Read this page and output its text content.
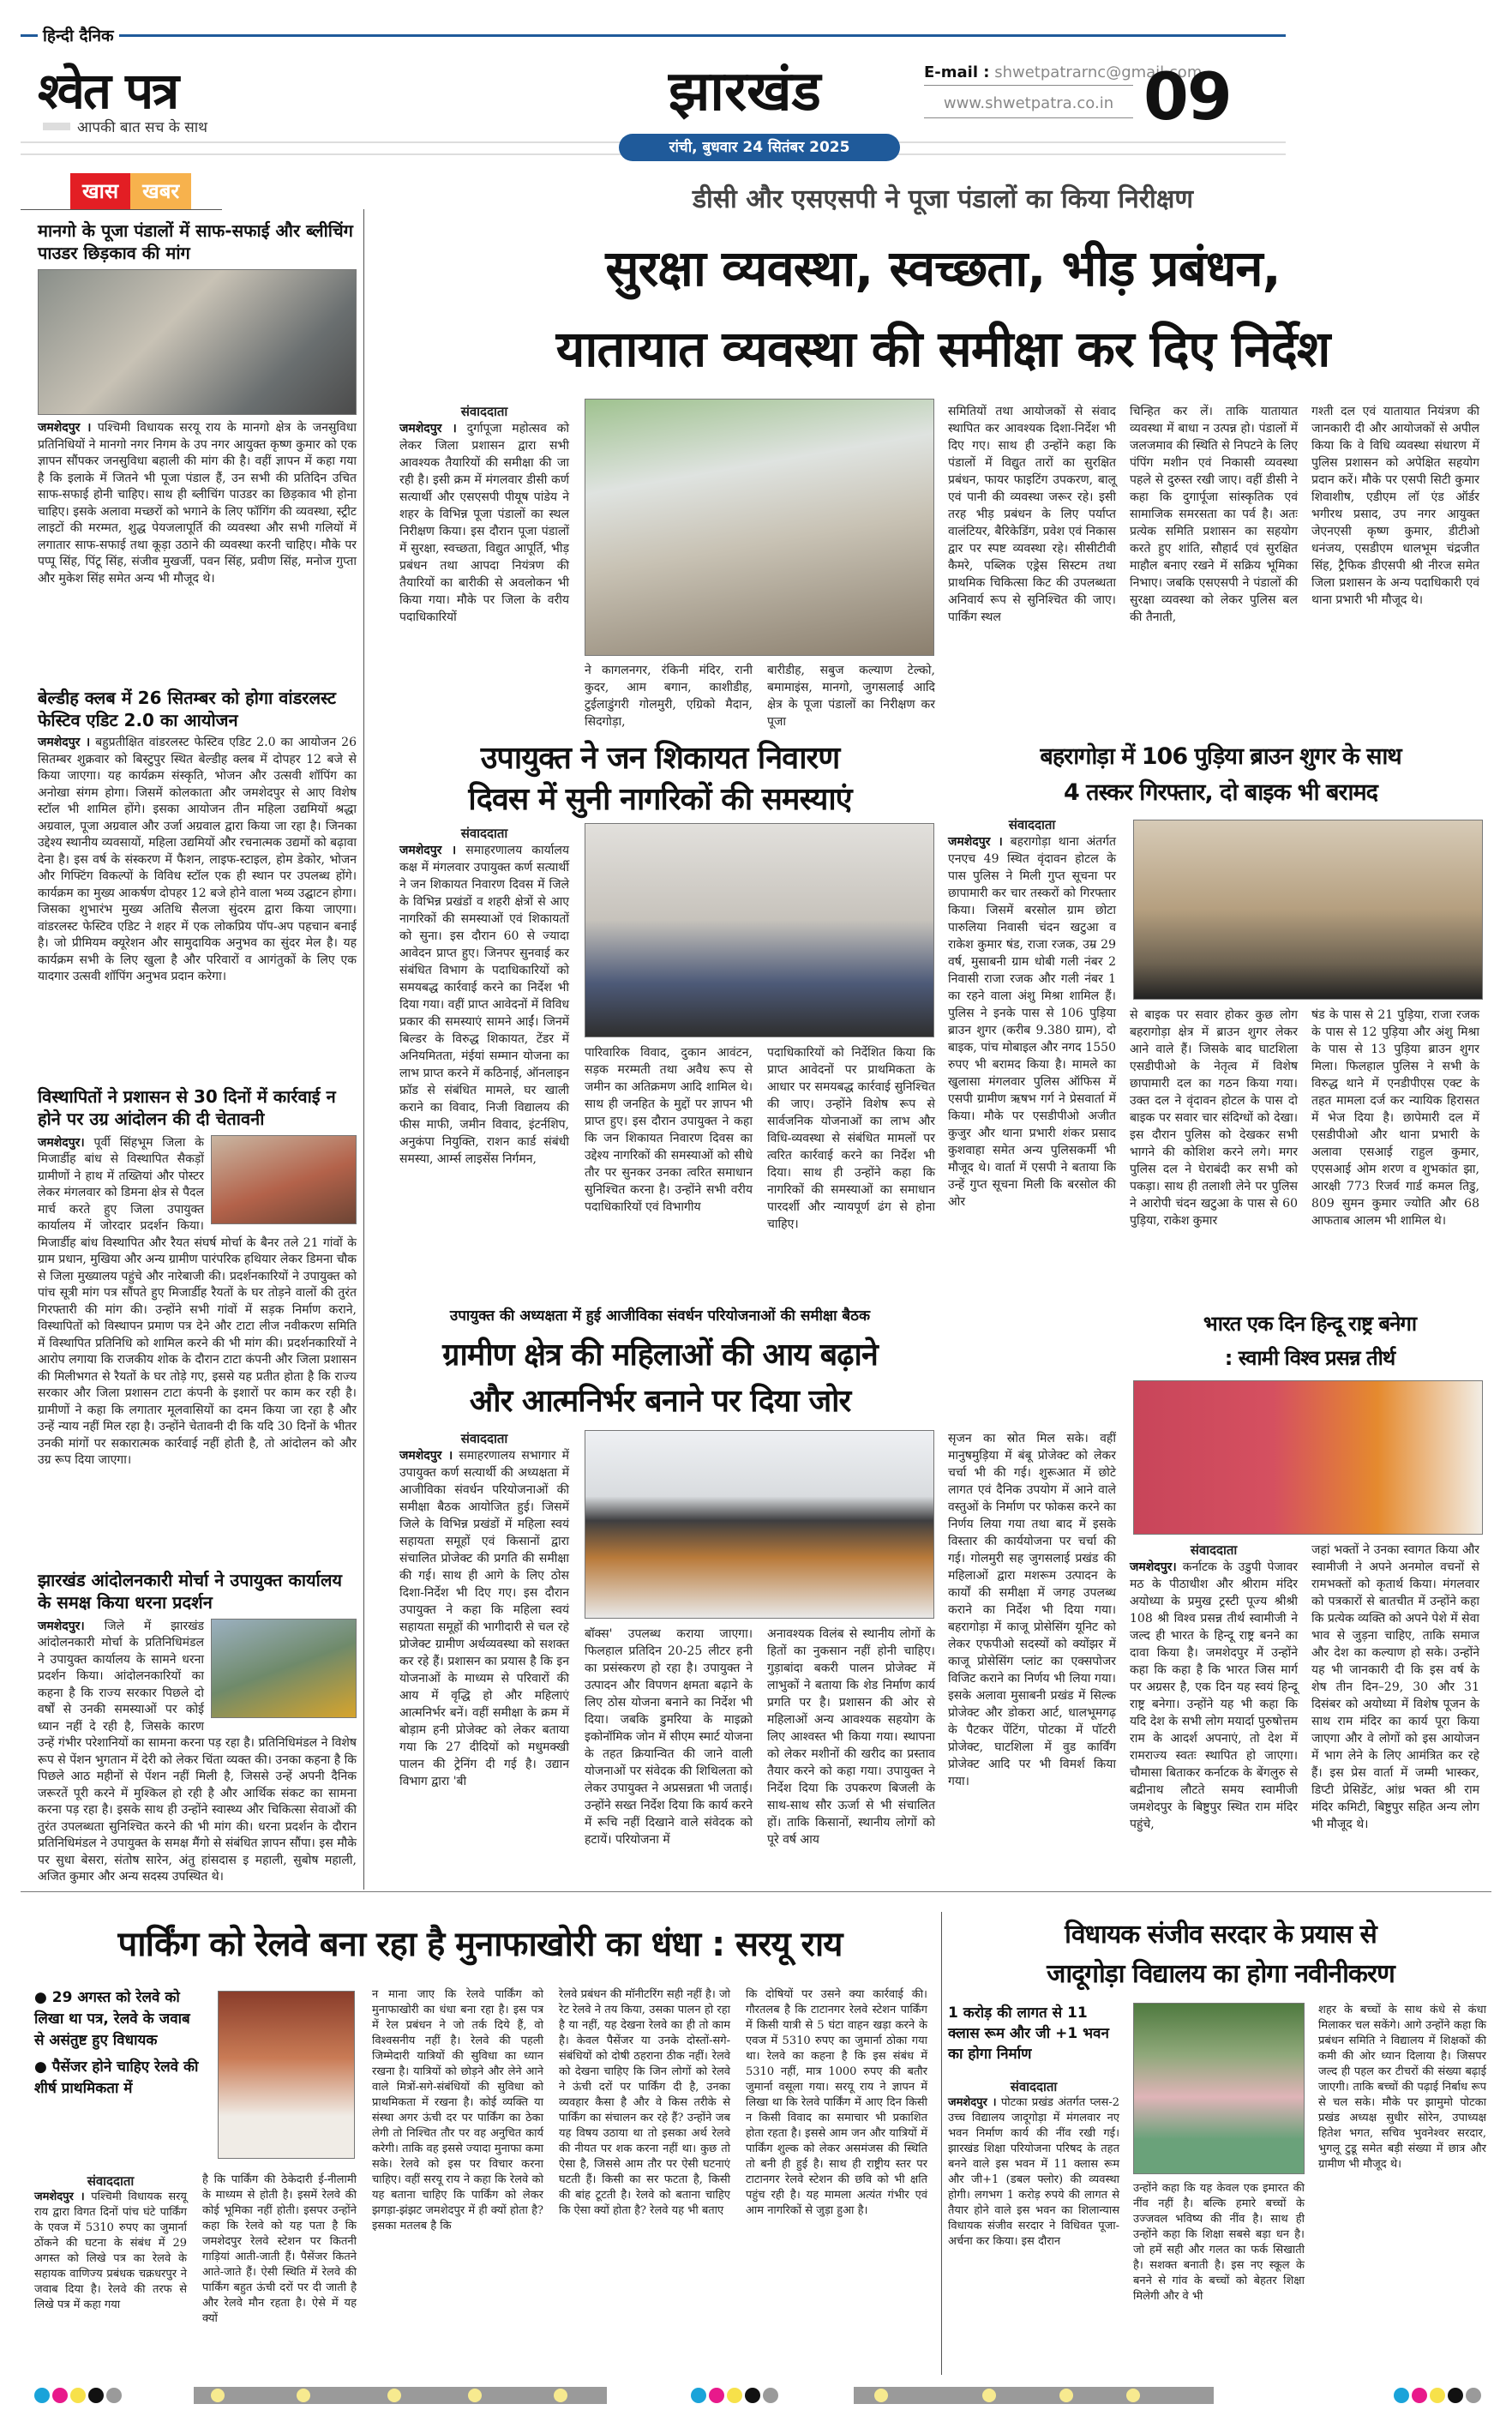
हिन्दी दैनिक
श्वेत पत्र
आपकी बात सच के साथ
झारखंड
रांची, बुधवार 24 सितंबर 2025
E-mail : shwetpatrarnc@gmail.com
www.shwetpatra.co.in 09
खास	खबर
मानगो के पूजा पंडालों में साफ-सफाई और ब्लीचिंग पाउडर छिड़काव की मांग
जमशेदपुर । पश्चिमी विधायक सरयू राय के मानगो क्षेत्र के जनसुविधा प्रतिनिधियों ने मानगो नगर निगम के उप नगर आयुक्त कृष्ण कुमार को एक ज्ञापन सौंपकर जनसुविधा बहाली की मांग की है। वहीं ज्ञापन में कहा गया है कि इलाके में जितने भी पूजा पंडाल हैं, उन सभी की प्रतिदिन उचित साफ-सफाई होनी चाहिए। साथ ही ब्लीचिंग पाउडर का छिड़काव भी होना चाहिए। इसके अलावा मच्छरों को भगाने के लिए फॉगिंग की व्यवस्था, स्ट्रीट लाइटों की मरम्मत, शुद्ध पेयजलापूर्ति की व्यवस्था और सभी गलियों में लगातार साफ-सफाई तथा कूड़ा उठाने की व्यवस्था करनी चाहिए। मौके पर पप्पू सिंह, पिंटू सिंह, संजीव मुखर्जी, पवन सिंह, प्रवीण सिंह, मनोज गुप्ता और मुकेश सिंह समेत अन्य भी मौजूद थे।
बेल्डीह क्लब में 26 सितम्बर को होगा वांडरलस्ट फेस्टिव एडिट 2.0 का आयोजन
जमशेदपुर । बहुप्रतीक्षित वांडरलस्ट फेस्टिव एडिट 2.0 का आयोजन 26 सितम्बर शुक्रवार को बिस्टुपुर स्थित बेल्डीह क्लब में दोपहर 12 बजे से किया जाएगा। यह कार्यक्रम संस्कृति, भोजन और उत्सवी शॉपिंग का अनोखा संगम होगा। जिसमें कोलकाता और जमशेदपुर से आए विशेष स्टॉल भी शामिल होंगे। इसका आयोजन तीन महिला उद्यमियों श्रद्धा अग्रवाल, पूजा अग्रवाल और उर्जा अग्रवाल द्वारा किया जा रहा है। जिनका उद्देश्य स्थानीय व्यवसायों, महिला उद्यमियों और रचनात्मक उद्यमों को बढ़ावा देना है। इस वर्ष के संस्करण में फैशन, लाइफ-स्टाइल, होम डेकोर, भोजन और गिफ्टिंग विकल्पों के विविध स्टॉल एक ही स्थान पर उपलब्ध होंगे। कार्यक्रम का मुख्य आकर्षण दोपहर 12 बजे होने वाला भव्य उद्घाटन होगा। जिसका शुभारंभ मुख्य अतिथि सैलजा सुंदरम द्वारा किया जाएगा। वांडरलस्ट फेस्टिव एडिट ने शहर में एक लोकप्रिय पॉप-अप पहचान बनाई है। जो प्रीमियम क्यूरेशन और सामुदायिक अनुभव का सुंदर मेल है। यह कार्यक्रम सभी के लिए खुला है और परिवारों व आगंतुकों के लिए एक यादगार उत्सवी शॉपिंग अनुभव प्रदान करेगा।
विस्थापितों ने प्रशासन से 30 दिनों में कार्रवाई न होने पर उग्र आंदोलन की दी चेतावनी
जमशेदपुर। पूर्वी सिंहभूम जिला के मिजार्डीह बांध से विस्थापित सैकड़ों ग्रामीणों ने हाथ में तख्तियां और पोस्टर लेकर मंगलवार को डिमना क्षेत्र से पैदल मार्च करते हुए जिला उपायुक्त कार्यालय में जोरदार प्रदर्शन किया। मिजार्डीह बांध विस्थापित और रैयत संघर्ष मोर्चा के बैनर तले 21 गांवों के ग्राम प्रधान, मुखिया और अन्य ग्रामीण पारंपरिक हथियार लेकर डिमना चौक से जिला मुख्यालय पहुंचे और नारेबाजी की। प्रदर्शनकारियों ने उपायुक्त को पांच सूत्री मांग पत्र सौंपते हुए मिजार्डीह रैयतों के घर तोड़ने वालों की तुरंत गिरफ्तारी की मांग की। उन्होंने सभी गांवों में सड़क निर्माण कराने, विस्थापितों को विस्थापन प्रमाण पत्र देने और टाटा लीज नवीकरण समिति में विस्थापित प्रतिनिधि को शामिल करने की भी मांग की। प्रदर्शनकारियों ने आरोप लगाया कि राजकीय शोक के दौरान टाटा कंपनी और जिला प्रशासन की मिलीभगत से रैयतों के घर तोड़े गए, इससे यह प्रतीत होता है कि राज्य सरकार और जिला प्रशासन टाटा कंपनी के इशारों पर काम कर रही है। ग्रामीणों ने कहा कि लगातार मूलवासियों का दमन किया जा रहा है और उन्हें न्याय नहीं मिल रहा है। उन्होंने चेतावनी दी कि यदि 30 दिनों के भीतर उनकी मांगों पर सकारात्मक कार्रवाई नहीं होती है, तो आंदोलन को और उग्र रूप दिया जाएगा।
झारखंड आंदोलनकारी मोर्चा ने उपायुक्त कार्यालय के समक्ष किया धरना प्रदर्शन
जमशेदपुर। जिले में झारखंड आंदोलनकारी मोर्चा के प्रतिनिधिमंडल ने उपायुक्त कार्यालय के सामने धरना प्रदर्शन किया। आंदोलनकारियों का कहना है कि राज्य सरकार पिछले दो वर्षों से उनकी समस्याओं पर कोई ध्यान नहीं दे रही है, जिसके कारण उन्हें गंभीर परेशानियों का सामना करना पड़ रहा है। प्रतिनिधिमंडल ने विशेष रूप से पेंशन भुगतान में देरी को लेकर चिंता व्यक्त की। उनका कहना है कि पिछले आठ महीनों से पेंशन नहीं मिली है, जिससे उन्हें अपनी दैनिक जरूरतें पूरी करने में मुश्किल हो रही है और आर्थिक संकट का सामना करना पड़ रहा है। इसके साथ ही उन्होंने स्वास्थ्य और चिकित्सा सेवाओं की तुरंत उपलब्धता सुनिश्चित करने की भी मांग की। धरना प्रदर्शन के दौरान प्रतिनिधिमंडल ने उपायुक्त के समक्ष मैंगो से संबंधित ज्ञापन सौंपा। इस मौके पर सुधा बेसरा, संतोष सारेन, अंतु हांसदास इ महाली, सुबोष महाली, अजित कुमार और अन्य सदस्य उपस्थित थे।
डीसी और एसएसपी ने पूजा पंडालों का किया निरीक्षण
सुरक्षा व्यवस्था, स्वच्छता, भीड़ प्रबंधन,
यातायात व्यवस्था की समीक्षा कर दिए निर्देश
संवाददाता
जमशेदपुर । दुर्गापूजा महोत्सव को लेकर जिला प्रशासन द्वारा सभी आवश्यक तैयारियों की समीक्षा की जा रही है। इसी क्रम में मंगलवार डीसी कर्ण सत्यार्थी और एसएसपी पीयूष पांडेय ने शहर के विभिन्न पूजा पंडालों का स्थल निरीक्षण किया। इस दौरान पूजा पंडालों में सुरक्षा, स्वच्छता, विद्युत आपूर्ति, भीड़ प्रबंधन तथा आपदा नियंत्रण की तैयारियों का बारीकी से अवलोकन भी किया गया। मौके पर जिला के वरीय पदाधिकारियों
ने कागलनगर, रंकिनी मंदिर, रानी कुदर, आम बगान, काशीडीह, टुईलाडुंगरी गोलमुरी, एग्रिको मैदान, सिदगोड़ा,
बारीडीह, सबुज कल्याण टेल्को, बमामाइंस, मानगो, जुगसलाई आदि क्षेत्र के पूजा पंडालों का निरीक्षण कर पूजा
समितियों तथा आयोजकों से संवाद स्थापित कर आवश्यक दिशा-निर्देश भी दिए गए। साथ ही उन्होंने कहा कि पंडालों में विद्युत तारों का सुरक्षित प्रबंधन, फायर फाइटिंग उपकरण, बालू एवं पानी की व्यवस्था जरूर रहे। इसी तरह भीड़ प्रबंधन के लिए पर्याप्त वालंटियर, बैरिकेडिंग, प्रवेश एवं निकास द्वार पर स्पष्ट व्यवस्था रहे। सीसीटीवी कैमरे, पब्लिक एड्रेस सिस्टम तथा प्राथमिक चिकित्सा किट की उपलब्धता अनिवार्य रूप से सुनिश्चित की जाए। पार्किंग स्थल
चिन्हित कर लें। ताकि यातायात व्यवस्था में बाधा न उत्पन्न हो। पंडालों में जलजमाव की स्थिति से निपटने के लिए पंपिंग मशीन एवं निकासी व्यवस्था पहले से दुरुस्त रखी जाए। वहीं डीसी ने कहा कि दुगार्पूजा सांस्कृतिक एवं सामाजिक समरसता का पर्व है। अतः प्रत्येक समिति प्रशासन का सहयोग करते हुए शांति, सौहार्द एवं सुरक्षित माहौल बनाए रखने में सक्रिय भूमिका निभाए। जबकि एसएसपी ने पंडालों की सुरक्षा व्यवस्था को लेकर पुलिस बल की तैनाती,
गश्ती दल एवं यातायात नियंत्रण की जानकारी दी और आयोजकों से अपील किया कि वे विधि व्यवस्था संधारण में पुलिस प्रशासन को अपेक्षित सहयोग प्रदान करें। मौके पर एसपी सिटी कुमार शिवाशीष, एडीएम लॉ एंड ऑर्डर भगीरथ प्रसाद, उप नगर आयुक्त जेएनएसी कृष्ण कुमार, डीटीओ धनंजय, एसडीएम धालभूम चंद्रजीत सिंह, ट्रैफिक डीएसपी श्री नीरज समेत जिला प्रशासन के अन्य पदाधिकारी एवं थाना प्रभारी भी मौजूद थे।
उपायुक्त ने जन शिकायत निवारण
दिवस में सुनी नागरिकों की समस्याएं
संवाददाता
जमशेदपुर । समाहरणालय कार्यालय कक्ष में मंगलवार उपायुक्त कर्ण सत्यार्थी ने जन शिकायत निवारण दिवस में जिले के विभिन्न प्रखंडों व शहरी क्षेत्रों से आए नागरिकों की समस्याओं एवं शिकायतों को सुना। इस दौरान 60 से ज्यादा आवेदन प्राप्त हुए। जिनपर सुनवाई कर संबंधित विभाग के पदाधिकारियों को समयबद्ध कार्रवाई करने का निर्देश भी दिया गया। वहीं प्राप्त आवेदनों में विविध प्रकार की समस्याएं सामने आईं। जिनमें बिल्डर के विरुद्ध शिकायत, टेंडर में अनियमितता, मंईयां सम्मान योजना का लाभ प्राप्त करने में कठिनाई, ऑनलाइन फ्रॉड से संबंधित मामले, घर खाली कराने का विवाद, निजी विद्यालय की फीस माफी, जमीन विवाद, इंटर्नशिप, अनुकंपा नियुक्ति, राशन कार्ड संबंधी समस्या, आर्म्स लाइसेंस निर्गमन,
पारिवारिक विवाद, दुकान आवंटन, सड़क मरम्मती तथा अवैध रूप से जमीन का अतिक्रमण आदि शामिल थे। साथ ही जनहित के मुद्दों पर ज्ञापन भी प्राप्त हुए। इस दौरान उपायुक्त ने कहा कि जन शिकायत निवारण दिवस का उद्देश्य नागरिकों की समस्याओं को सीधे तौर पर सुनकर उनका त्वरित समाधान सुनिश्चित करना है। उन्होंने सभी वरीय पदाधिकारियों एवं विभागीय
पदाधिकारियों को निर्देशित किया कि प्राप्त आवेदनों पर प्राथमिकता के आधार पर समयबद्ध कार्रवाई सुनिश्चित की जाए। उन्होंने विशेष रूप से सार्वजनिक योजनाओं का लाभ और विधि-व्यवस्था से संबंधित मामलों पर त्वरित कार्रवाई करने का निर्देश भी दिया। साथ ही उन्होंने कहा कि नागरिकों की समस्याओं का समाधान पारदर्शी और न्यायपूर्ण ढंग से होना चाहिए।
बहरागोड़ा में 106 पुड़िया ब्राउन शुगर के साथ
4 तस्कर गिरफ्तार, दो बाइक भी बरामद
संवाददाता
जमशेदपुर । बहरागोड़ा थाना अंतर्गत एनएच 49 स्थित वृंदावन होटल के पास पुलिस ने मिली गुप्त सूचना पर छापामारी कर चार तस्करों को गिरफ्तार किया। जिसमें बरसोल ग्राम छोटा पारुलिया निवासी चंदन खटुआ व राकेश कुमार षंड, राजा रजक, उम्र 29 वर्ष, मुसाबनी ग्राम धोबी गली नंबर 2 निवासी राजा रजक और गली नंबर 1 का रहने वाला अंशु मिश्रा शामिल हैं। पुलिस ने इनके पास से 106 पुड़िया ब्राउन शुगर (करीब 9.380 ग्राम), दो बाइक, पांच मोबाइल और नगद 1550 रुपए भी बरामद किया है। मामले का खुलासा मंगलवार पुलिस ऑफिस में एसपी ग्रामीण ऋषभ गर्ग ने प्रेसवार्ता में किया। मौके पर एसडीपीओ अजीत कुजुर और थाना प्रभारी शंकर प्रसाद कुशवाहा समेत अन्य पुलिसकर्मी भी मौजूद थे। वार्ता में एसपी ने बताया कि उन्हें गुप्त सूचना मिली कि बरसोल की ओर
से बाइक पर सवार होकर कुछ लोग बहरागोड़ा क्षेत्र में ब्राउन शुगर लेकर आने वाले हैं। जिसके बाद घाटशिला एसडीपीओ के नेतृत्व में विशेष छापामारी दल का गठन किया गया। उक्त दल ने वृंदावन होटल के पास दो बाइक पर सवार चार संदिग्धों को देखा। इस दौरान पुलिस को देखकर सभी भागने की कोशिश करने लगे। मगर पुलिस दल ने घेराबंदी कर सभी को पकड़ा। साथ ही तलाशी लेने पर पुलिस ने आरोपी चंदन खटुआ के पास से 60 पुड़िया, राकेश कुमार
षंड के पास से 21 पुड़िया, राजा रजक के पास से 12 पुड़िया और अंशु मिश्रा के पास से 13 पुड़िया ब्राउन शुगर मिला। फिलहाल पुलिस ने सभी के विरुद्ध थाने में एनडीपीएस एक्ट के तहत मामला दर्ज कर न्यायिक हिरासत में भेज दिया है। छापेमारी दल में एसडीपीओ और थाना प्रभारी के अलावा एसआई राहुल कुमार, एएसआई ओम शरण व शुभकांत झा, आरक्षी 773 रिजर्व गार्ड कमल तिडु, 809 सुमन कुमार ज्योति और 68 आफताब आलम भी शामिल थे।
उपायुक्त की अध्यक्षता में हुई आजीविका संवर्धन परियोजनाओं की समीक्षा बैठक
ग्रामीण क्षेत्र की महिलाओं की आय बढ़ाने
और आत्मनिर्भर बनाने पर दिया जोर
संवाददाता
जमशेदपुर । समाहरणालय सभागार में उपायुक्त कर्ण सत्यार्थी की अध्यक्षता में आजीविका संवर्धन परियोजनाओं की समीक्षा बैठक आयोजित हुई। जिसमें जिले के विभिन्न प्रखंडों में महिला स्वयं सहायता समूहों एवं किसानों द्वारा संचालित प्रोजेक्ट की प्रगति की समीक्षा की गई। साथ ही आगे के लिए ठोस दिशा-निर्देश भी दिए गए। इस दौरान उपायुक्त ने कहा कि महिला स्वयं सहायता समूहों की भागीदारी से चल रहे प्रोजेक्ट ग्रामीण अर्थव्यवस्था को सशक्त कर रहे हैं। प्रशासन का प्रयास है कि इन योजनाओं के माध्यम से परिवारों की आय में वृद्धि हो और महिलाएं आत्मनिर्भर बनें। वहीं समीक्षा के क्रम में बोड़ाम हनी प्रोजेक्ट को लेकर बताया गया कि 27 दीदियों को मधुमक्खी पालन की ट्रेनिंग दी गई है। उद्यान विभाग द्वारा 'बी
बॉक्स' उपलब्ध कराया जाएगा। फिलहाल प्रतिदिन 20-25 लीटर हनी का प्रसंस्करण हो रहा है। उपायुक्त ने उत्पादन और विपणन क्षमता बढ़ाने के लिए ठोस योजना बनाने का निर्देश भी दिया। जबकि डुमरिया के माइक्रो इकोनॉमिक जोन में सीएम स्मार्ट योजना के तहत क्रियान्वित की जाने वाली योजनाओं पर संवेदक की शिथिलता को लेकर उपायुक्त ने अप्रसन्नता भी जताई। उन्होंने सख्त निर्देश दिया कि कार्य करने में रूचि नहीं दिखाने वाले संवेदक को हटायें। परियोजना में
अनावश्यक विलंब से स्थानीय लोगों के हितों का नुकसान नहीं होनी चाहिए। गुड़ाबांदा बकरी पालन प्रोजेक्ट में लाभुकों ने बताया कि शेड निर्माण कार्य प्रगति पर है। प्रशासन की ओर से महिलाओं अन्य आवश्यक सहयोग के लिए आश्वस्त भी किया गया। स्थापना को लेकर मशीनों की खरीद का प्रस्ताव तैयार करने को कहा गया। उपायुक्त ने निर्देश दिया कि उपकरण बिजली के साथ-साथ सौर ऊर्जा से भी संचालित हों। ताकि किसानों, स्थानीय लोगों को पूरे वर्ष आय
सृजन का स्रोत मिल सके। वहीं मानुषमुड़िया में बंबू प्रोजेक्ट को लेकर चर्चा भी की गई। शुरूआत में छोटे लागत एवं दैनिक उपयोग में आने वाले वस्तुओं के निर्माण पर फोकस करने का निर्णय लिया गया तथा बाद में इसके विस्तार की कार्ययोजना पर चर्चा की गई। गोलमुरी सह जुगसलाई प्रखंड की महिलाओं द्वारा मशरूम उत्पादन के कार्यों की समीक्षा में जगह उपलब्ध कराने का निर्देश भी दिया गया। बहरागोड़ा में काजू प्रोसेसिंग यूनिट को लेकर एफपीओ सदस्यों को क्योंझर में काजू प्रोसेसिंग प्लांट का एक्सपोजर विजिट कराने का निर्णय भी लिया गया। इसके अलावा मुसाबनी प्रखंड में सिल्क प्रोजेक्ट और डोकरा आर्ट, धालभूमगढ़ के पैटकर पेंटिंग, पोटका में पॉटरी प्रोजेक्ट, घाटशिला में वुड कार्विंग प्रोजेक्ट आदि पर भी विमर्श किया गया।
भारत एक दिन हिन्दू राष्ट्र बनेगा
: स्वामी विश्व प्रसन्न तीर्थ
संवाददाता
जमशेदपुर। कर्नाटक के उडुपी पेजावर मठ के पीठाधीश और श्रीराम मंदिर अयोध्या के प्रमुख ट्रस्टी पूज्य श्रीश्री 108 श्री विश्व प्रसन्न तीर्थ स्वामीजी ने जल्द ही भारत के हिन्दू राष्ट्र बनने का दावा किया है। जमशेदपुर में उन्होंने कहा कि कहा है कि भारत जिस मार्ग पर अग्रसर है, एक दिन यह स्वयं हिन्दू राष्ट्र बनेगा। उन्होंने यह भी कहा कि यदि देश के सभी लोग मयार्दा पुरुषोत्तम राम के आदर्श अपनाएं, तो देश में रामराज्य स्वतः स्थापित हो जाएगा। चौमासा बिताकर कर्नाटक के बेंगलुरु से बद्रीनाथ लौटते समय स्वामीजी जमशेदपुर के बिष्टुपुर स्थित राम मंदिर पहुंचे,
जहां भक्तों ने उनका स्वागत किया और स्वामीजी ने अपने अनमोल वचनों से रामभक्तों को कृतार्थ किया। मंगलवार को पत्रकारों से बातचीत में उन्होंने कहा कि प्रत्येक व्यक्ति को अपने पेशे में सेवा भाव से जुड़ना चाहिए, ताकि समाज और देश का कल्याण हो सके। उन्होंने यह भी जानकारी दी कि इस वर्ष के शेष तीन दिन–29, 30 और 31 दिसंबर को अयोध्या में विशेष पूजन के साथ राम मंदिर का कार्य पूरा किया जाएगा और वे लोगों को इस आयोजन में भाग लेने के लिए आमंत्रित कर रहे हैं। इस प्रेस वार्ता में जम्मी भास्कर, डिप्टी प्रेसिडेंट, आंध्र भक्त श्री राम मंदिर कमिटी, बिष्टुपुर सहित अन्य लोग भी मौजूद थे।
पार्किंग को रेलवे बना रहा है मुनाफाखोरी का धंधा : सरयू राय
● 29 अगस्त को रेलवे को लिखा था पत्र, रेलवे के जवाब से असंतुष्ट हुए विधायक
● पैसेंजर होने चाहिए रेलवे की शीर्ष प्राथमिकता में
संवाददाता
जमशेदपुर । पश्चिमी विधायक सरयू राय द्वारा विगत दिनों पांच घंटे पार्किंग के एवज में 5310 रुपए का जुमार्ना ठोंकने की घटना के संबंध में 29 अगस्त को लिखे पत्र का रेलवे के सहायक वाणिज्य प्रबंधक चक्रधरपुर ने जवाब दिया है। रेलवे की तरफ से लिखे पत्र में कहा गया
है कि पार्किंग की ठेकेदारी ई-नीलामी के माध्यम से होती है। इसमें रेलवे की कोई भूमिका नहीं होती। इसपर उन्होंने कहा कि रेलवे को यह पता है कि जमशेदपुर रेलवे स्टेशन पर कितनी गाड़ियां आती-जाती हैं। पैसेंजर कितने आते-जाते हैं। ऐसी स्थिति में रेलवे की पार्किंग बहुत ऊंची दरों पर दी जाती है और रेलवे मौन रहता है। ऐसे में यह क्यों
न माना जाए कि रेलवे पार्किंग को मुनाफाखोरी का धंधा बना रहा है। इस पत्र में रेल प्रबंधन ने जो तर्क दिये हैं, वो विश्वसनीय नहीं है। रेलवे की पहली जिम्मेदारी यात्रियों की सुविधा का ध्यान रखना है। यात्रियों को छोड़ने और लेने आने वाले मित्रों-सगे-संबंधियों की सुविधा को प्राथमिकता में रखना है। कोई व्यक्ति या संस्था अगर ऊंची दर पर पार्किंग का ठेका लेगी तो निश्चित तौर पर वह अनुचित कार्य करेगी। ताकि वह इससे ज्यादा मुनाफा कमा सके। रेलवे को इस पर विचार करना चाहिए। वहीं सरयू राय ने कहा कि रेलवे को यह बताना चाहिए कि पार्किंग को लेकर झगड़ा-झंझट जमशेदपुर में ही क्यों होता है? इसका मतलब है कि
रेलवे प्रबंधन की मॉनीटरिंग सही नहीं है। जो रेट रेलवे ने तय किया, उसका पालन हो रहा है या नहीं, यह देखना रेलवे का ही तो काम है। केवल पैसेंजर या उनके दोस्तों-सगे-संबंधियों को दोषी ठहराना ठीक नहीं। रेलवे को देखना चाहिए कि जिन लोगों को रेलवे ने ऊंची दरों पर पार्किंग दी है, उनका व्यवहार कैसा है और वे किस तरीके से पार्किंग का संचालन कर रहे हैं? उन्होंने जब यह विषय उठाया था तो इसका अर्थ रेलवे की नीयत पर शक करना नहीं था। कुछ तो ऐसा है, जिससे आम तौर पर ऐसी घटनाएं घटती हैं। किसी का सर फटता है, किसी की बांह टूटती है। रेलवे को बताना चाहिए कि ऐसा क्यों होता है? रेलवे यह भी बताए
कि दोषियों पर उसने क्या कार्रवाई की। गौरतलब है कि टाटानगर रेलवे स्टेशन पार्किंग में किसी यात्री से 5 घंटा वाहन खड़ा करने के एवज में 5310 रुपए का जुमार्ना ठोका गया था। रेलवे का कहना है कि इस संबंध में 5310 नहीं, मात्र 1000 रुपए की बतौर जुमार्ना वसूला गया। सरयू राय ने ज्ञापन में लिखा था कि रेलवे पार्किंग में आए दिन किसी न किसी विवाद का समाचार भी प्रकाशित होता रहता है। इससे आम जन और यात्रियों में पार्किंग शुल्क को लेकर असमंजस की स्थिति तो बनी ही हुई है। साथ ही राष्ट्रीय स्तर पर टाटानगर रेलवे स्टेशन की छवि को भी क्षति पहुंच रही है। यह मामला अत्यंत गंभीर एवं आम नागरिकों से जुड़ा हुआ है।
विधायक संजीव सरदार के प्रयास से
जादूगोड़ा विद्यालय का होगा नवीनीकरण
1 करोड़ की लागत से 11 क्लास रूम और जी +1 भवन का होगा निर्माण
संवाददाता
जमशेदपुर । पोटका प्रखंड अंतर्गत प्लस-2 उच्च विद्यालय जादूगोड़ा में मंगलवार नए भवन निर्माण कार्य की नींव रखी गई। झारखंड शिक्षा परियोजना परिषद के तहत बनने वाले इस भवन में 11 क्लास रूम और जी+1 (डबल फ्लोर) की व्यवस्था होगी। लगभग 1 करोड़ रुपये की लागत से तैयार होने वाले इस भवन का शिलान्यास विधायक संजीव सरदार ने विधिवत पूजा-अर्चना कर किया। इस दौरान
उन्होंने कहा कि यह केवल एक इमारत की नींव नहीं है। बल्कि हमारे बच्चों के उज्जवल भविष्य की नींव है। साथ ही उन्होंने कहा कि शिक्षा सबसे बड़ा धन है। जो हमें सही और गलत का फर्क सिखाती है। सशक्त बनाती है। इस नए स्कूल के बनने से गांव के बच्चों को बेहतर शिक्षा मिलेगी और वे भी
शहर के बच्चों के साथ कंधे से कंधा मिलाकर चल सकेंगे। आगे उन्होंने कहा कि प्रबंधन समिति ने विद्यालय में शिक्षकों की कमी की ओर ध्यान दिलाया है। जिसपर जल्द ही पहल कर टीचरों की संख्या बढ़ाई जाएगी। ताकि बच्चों की पढ़ाई निर्बाध रूप से चल सके। मौके पर झामुमो पोटका प्रखंड अध्यक्ष सुधीर सोरेन, उपाध्यक्ष हितेश भगत, सचिव भुवनेश्वर सरदार, भुगलू टुडू समेत बड़ी संख्या में छात्र और ग्रामीण भी मौजूद थे।
